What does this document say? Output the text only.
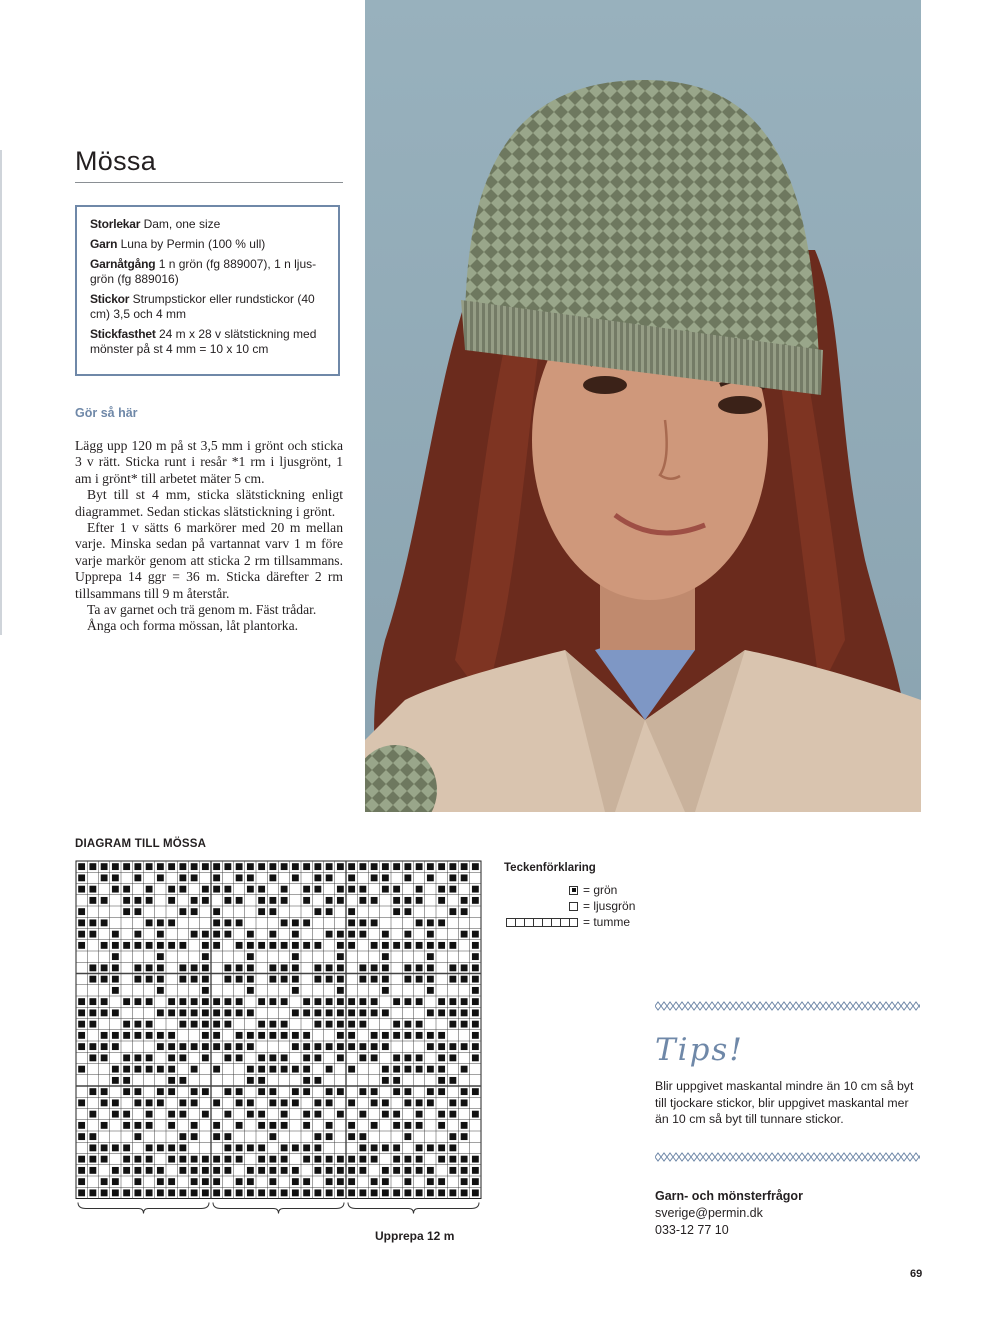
Mössa

Storlekar Dam, one size

Garn Luna by Permin (100 % ull)

Garnåtgång 1 n grön (fg 889007), 1 n ljus-grön (fg 889016)

Stickor Strumpstickor eller rundstickor (40 cm) 3,5 och 4 mm

Stickfasthet 24 m x 28 v slätstickning med mönster på st 4 mm = 10 x 10 cm

Gör så här

Lägg upp 120 m på st 3,5 mm i grönt och sticka 3 v rätt. Sticka runt i resår *1 rm i ljusgrönt, 1 am i grönt* till arbetet mäter 5 cm.

Byt till st 4 mm, sticka slätstickning enligt diagrammet. Sedan stickas slätstickning i grönt.

Efter 1 v sätts 6 markörer med 20 m mellan varje. Minska sedan på vartannat varv 1 m före varje markör genom att sticka 2 rm tillsammans. Upprepa 14 ggr = 36 m. Sticka därefter 2 rm tillsammans till 9 m återstår.

Ta av garnet och trä genom m. Fäst trådar.

Ånga och forma mössan, låt plantorka.

DIAGRAM TILL MÖSSA
Upprepa 12 m
Teckenförklaring
= grön
= ljusgrön
= tumme
Tips!
Blir uppgivet maskantal mindre än 10 cm så byt till tjockare stickor, blir uppgivet maskantal mer än 10 cm så byt till tunnare stickor.
Garn- och mönsterfrågor
sverige@permin.dk
033-12 77 10
69
